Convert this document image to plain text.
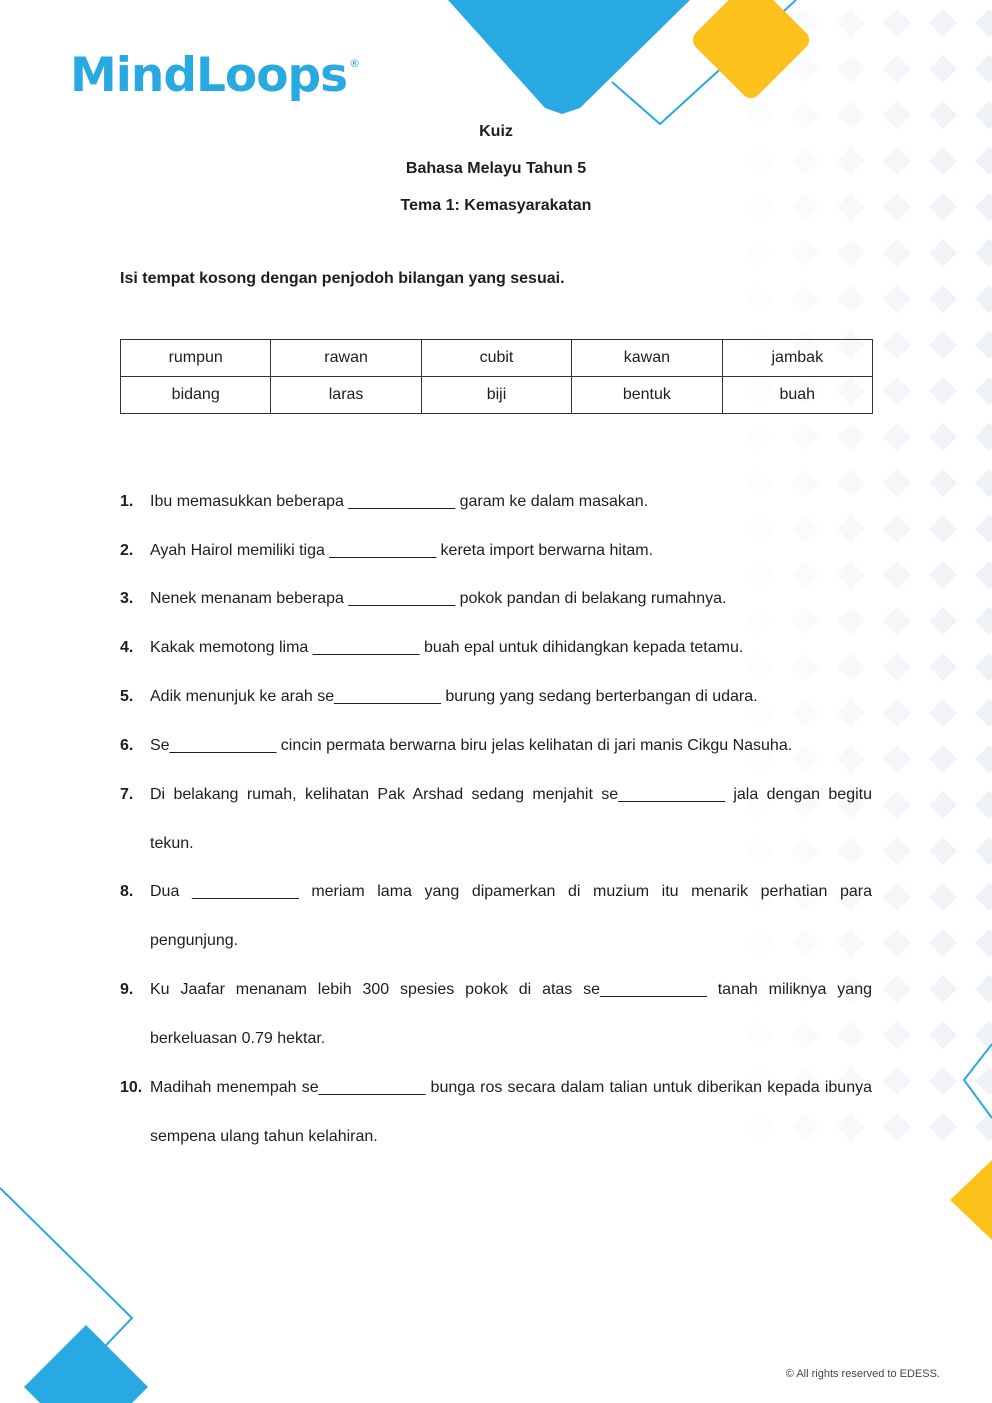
MindLoops ®
Kuiz
Bahasa Melayu Tahun 5
Tema 1: Kemasyarakatan
Isi tempat kosong dengan penjodoh bilangan yang sesuai.
rumpun	rawan	cubit	kawan	jambak
bidang	laras	biji	bentuk	buah
1. Ibu memasukkan beberapa ____________ garam ke dalam masakan.
2. Ayah Hairol memiliki tiga ____________ kereta import berwarna hitam.
3. Nenek menanam beberapa ____________ pokok pandan di belakang rumahnya.
4. Kakak memotong lima ____________ buah epal untuk dihidangkan kepada tetamu.
5. Adik menunjuk ke arah se____________ burung yang sedang berterbangan di udara.
6. Se____________ cincin permata berwarna biru jelas kelihatan di jari manis Cikgu Nasuha.
7. Di belakang rumah, kelihatan Pak Arshad sedang menjahit se____________ jala dengan begitu tekun.
8. Dua ____________ meriam lama yang dipamerkan di muzium itu menarik perhatian para pengunjung.
9. Ku Jaafar menanam lebih 300 spesies pokok di atas se____________ tanah miliknya yang berkeluasan 0.79 hektar.
10. Madihah menempah se____________ bunga ros secara dalam talian untuk diberikan kepada ibunya sempena ulang tahun kelahiran.
© All rights reserved to EDESS.
